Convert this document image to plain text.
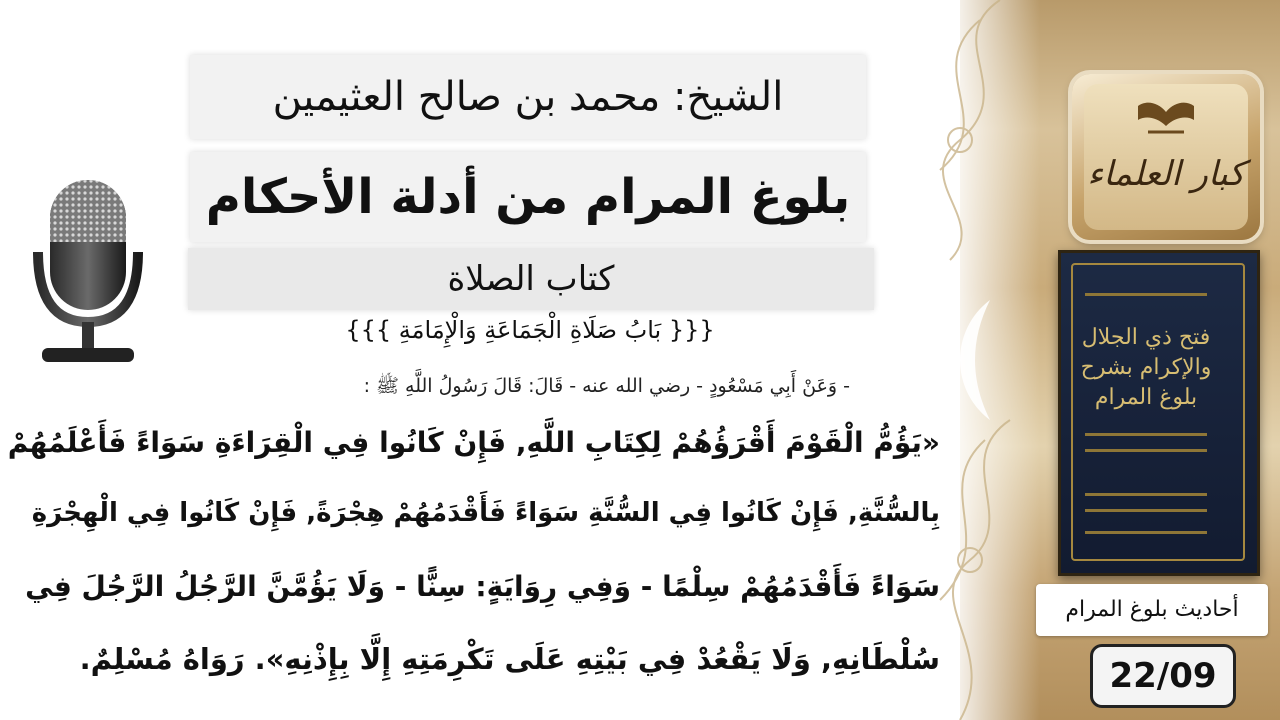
الشيخ: محمد بن صالح العثيمين
بلوغ المرام من أدلة الأحكام
كتاب الصلاة
{{{ بَابُ صَلَاةِ الْجَمَاعَةِ وَالْإِمَامَةِ }}}
- وَعَنْ أَبِي مَسْعُودٍ - رضي الله عنه - قَالَ: قَالَ رَسُولُ اللَّهِ ﷺ :
«يَؤُمُّ الْقَوْمَ أَقْرَؤُهُمْ لِكِتَابِ اللَّهِ, فَإِنْ كَانُوا فِي الْقِرَاءَةِ سَوَاءً فَأَعْلَمُهُمْ
بِالسُّنَّةِ, فَإِنْ كَانُوا فِي السُّنَّةِ سَوَاءً فَأَقْدَمُهُمْ هِجْرَةً, فَإِنْ كَانُوا فِي الْهِجْرَةِ
سَوَاءً فَأَقْدَمُهُمْ سِلْمًا - وَفِي رِوَايَةٍ: سِنًّا - وَلَا يَؤُمَّنَّ الرَّجُلُ الرَّجُلَ فِي
سُلْطَانِهِ, وَلَا يَقْعُدْ فِي بَيْتِهِ عَلَى تَكْرِمَتِهِ إِلَّا بِإِذْنِهِ». رَوَاهُ مُسْلِمٌ.
كبار العلماء
فتح ذي الجلال والإكرام بشرح بلوغ المرام
أحاديث بلوغ المرام
22/09
